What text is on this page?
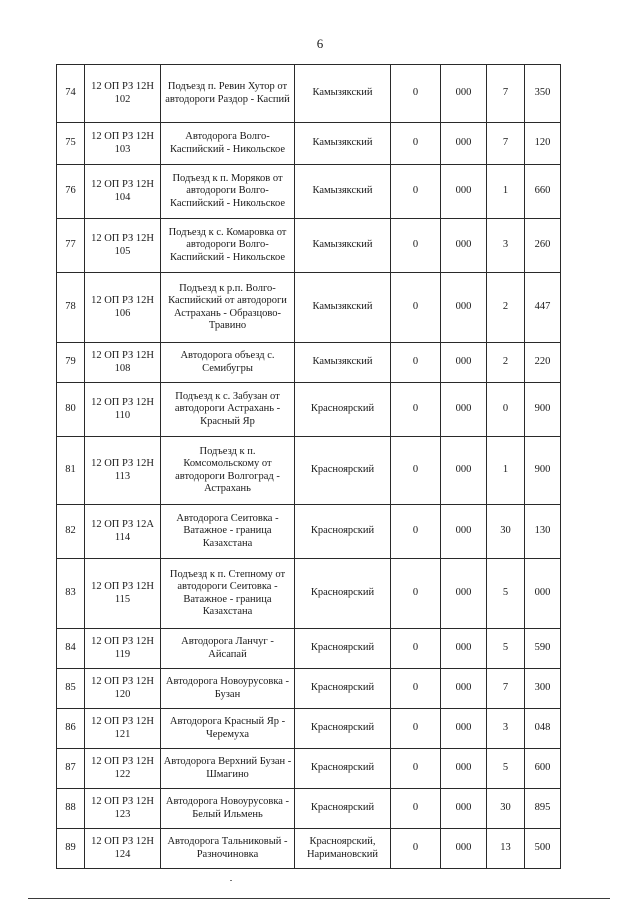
6
74	12 ОП РЗ 12Н 102	Подъезд п. Ревин Хутор от автодороги Раздор - Каспий	Камызякский	0	000	7	350
75	12 ОП РЗ 12Н 103	Автодорога Волго-Каспийский - Никольское	Камызякский	0	000	7	120
76	12 ОП РЗ 12Н 104	Подъезд к п. Моряков от автодороги Волго-Каспийский - Никольское	Камызякский	0	000	1	660
77	12 ОП РЗ 12Н 105	Подъезд к с. Комаровка от автодороги Волго-Каспийский - Никольское	Камызякский	0	000	3	260
78	12 ОП РЗ 12Н 106	Подъезд к р.п. Волго-Каспийский от автодороги Астрахань - Образцово-Травино	Камызякский	0	000	2	447
79	12 ОП РЗ 12Н 108	Автодорога объезд с. Семибугры	Камызякский	0	000	2	220
80	12 ОП РЗ 12Н 110	Подъезд к с. Забузан от автодороги Астрахань - Красный Яр	Красноярский	0	000	0	900
81	12 ОП РЗ 12Н 113	Подъезд к п. Комсомольскому от автодороги Волгоград - Астрахань	Красноярский	0	000	1	900
82	12 ОП РЗ 12А 114	Автодорога Сеитовка - Ватажное - граница Казахстана	Красноярский	0	000	30	130
83	12 ОП РЗ 12Н 115	Подъезд к п. Степному от автодороги Сеитовка - Ватажное - граница Казахстана	Красноярский	0	000	5	000
84	12 ОП РЗ 12Н 119	Автодорога Ланчуг - Айсапай	Красноярский	0	000	5	590
85	12 ОП РЗ 12Н 120	Автодорога Новоурусовка - Бузан	Красноярский	0	000	7	300
86	12 ОП РЗ 12Н 121	Автодорога Красный Яр - Черемуха	Красноярский	0	000	3	048
87	12 ОП РЗ 12Н 122	Автодорога Верхний Бузан - Шмагино	Красноярский	0	000	5	600
88	12 ОП РЗ 12Н 123	Автодорога Новоурусовка - Белый Ильмень	Красноярский	0	000	30	895
89	12 ОП РЗ 12Н 124	Автодорога Тальниковый - Разночиновка	Красноярский, Наримановский	0	000	13	500
